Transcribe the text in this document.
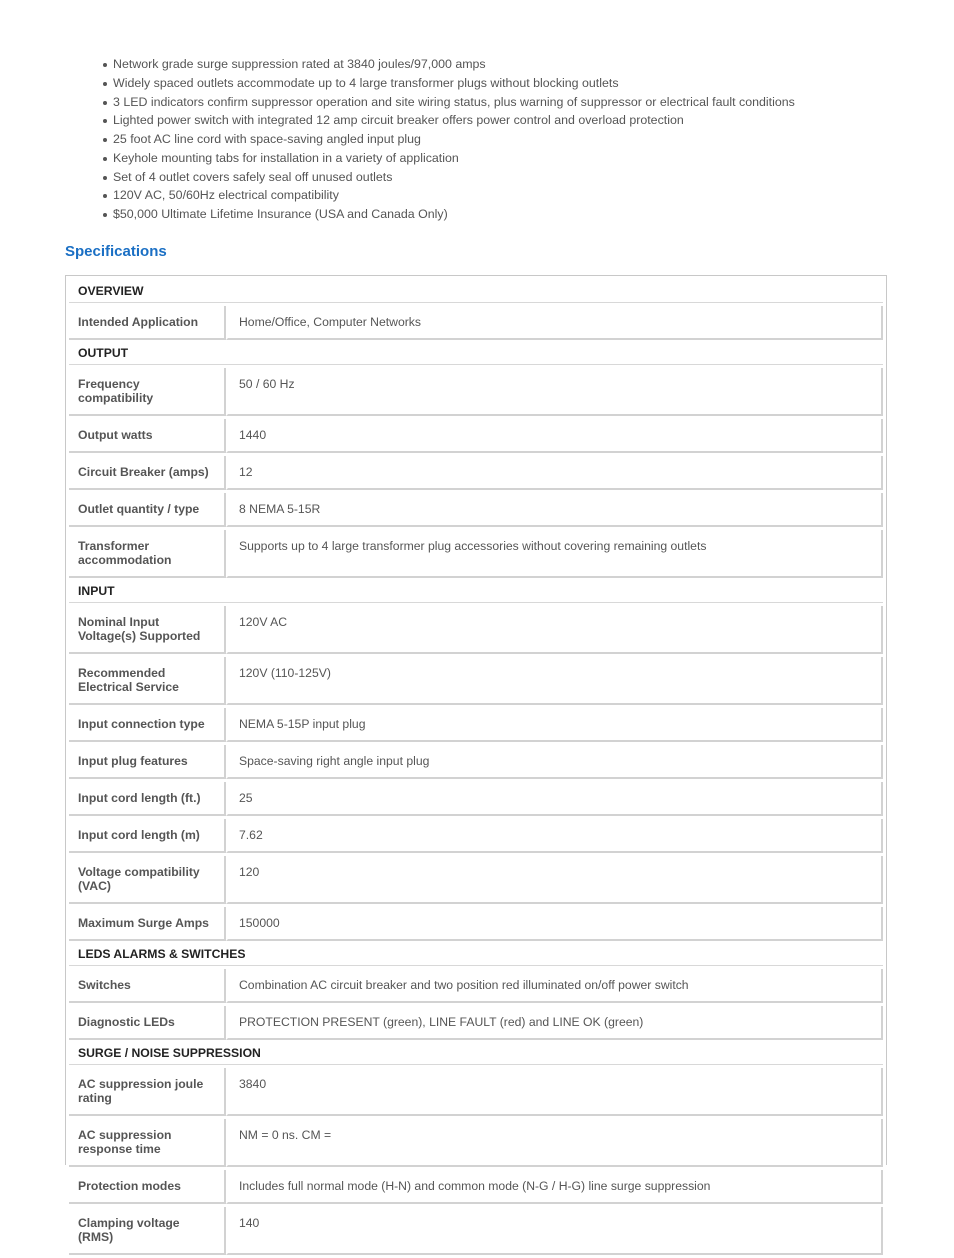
Network grade surge suppression rated at 3840 joules/97,000 amps
Widely spaced outlets accommodate up to 4 large transformer plugs without blocking outlets
3 LED indicators confirm suppressor operation and site wiring status, plus warning of suppressor or electrical fault conditions
Lighted power switch with integrated 12 amp circuit breaker offers power control and overload protection
25 foot AC line cord with space-saving angled input plug
Keyhole mounting tabs for installation in a variety of application
Set of 4 outlet covers safely seal off unused outlets
120V AC, 50/60Hz electrical compatibility
$50,000 Ultimate Lifetime Insurance (USA and Canada Only)
Specifications
OVERVIEW	
Intended Application	Home/Office, Computer Networks
OUTPUT	
Frequency compatibility	50 / 60 Hz
Output watts	1440
Circuit Breaker (amps)	12
Outlet quantity / type	8 NEMA 5-15R
Transformer accommodation	Supports up to 4 large transformer plug accessories without covering remaining outlets
INPUT	
Nominal Input Voltage(s) Supported	120V AC
Recommended Electrical Service	120V (110-125V)
Input connection type	NEMA 5-15P input plug
Input plug features	Space-saving right angle input plug
Input cord length (ft.)	25
Input cord length (m)	7.62
Voltage compatibility (VAC)	120
Maximum Surge Amps	150000
LEDS ALARMS & SWITCHES	
Switches	Combination AC circuit breaker and two position red illuminated on/off power switch
Diagnostic LEDs	PROTECTION PRESENT (green), LINE FAULT (red) and LINE OK (green)
SURGE / NOISE SUPPRESSION	
AC suppression joule rating	3840
AC suppression response time	NM = 0 ns. CM =
Protection modes	Includes full normal mode (H-N) and common mode (N-G / H-G) line surge suppression
Clamping voltage (RMS)	140
